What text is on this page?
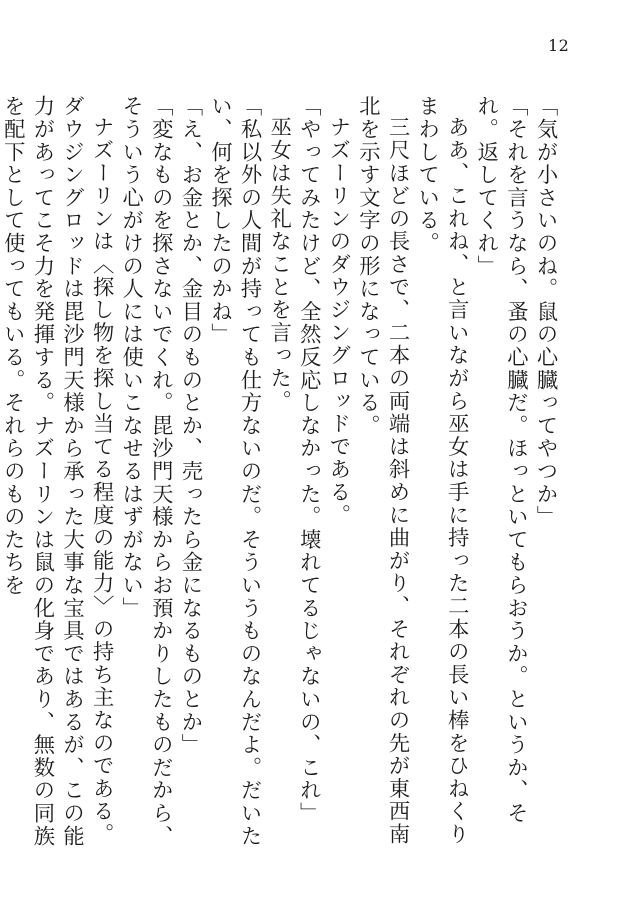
12

「気が小さいのね。鼠の心臓ってやつか」

「それを言うなら、蚤の心臓だ。ほっといてもらおうか。というか、それ。返してくれ」

ああ、これね、と言いながら巫女は手に持った二本の長い棒をひねくりまわしている。

三尺ほどの長さで、二本の両端は斜めに曲がり、それぞれの先が東西南北を示す文字の形になっている。

ナズーリンのダウジングロッドである。

「やってみたけど、全然反応しなかった。壊れてるじゃないの、これ」

巫女は失礼なことを言った。

「私以外の人間が持っても仕方ないのだ。そういうものなんだよ。だいたい、何を探したのかね」

「え、お金とか、金目のものとか、売ったら金になるものとか」

「変なものを探さないでくれ。毘沙門天様からお預かりしたものだから、そういう心がけの人には使いこなせるはずがない」

ナズーリンは〈探し物を探し当てる程度の能力〉の持ち主なのである。ダウジングロッドは毘沙門天様から承った大事な宝具ではあるが、この能力があってこそ力を発揮する。ナズーリンは鼠の化身であり、無数の同族を配下として使ってもいる。それらのものたちを
